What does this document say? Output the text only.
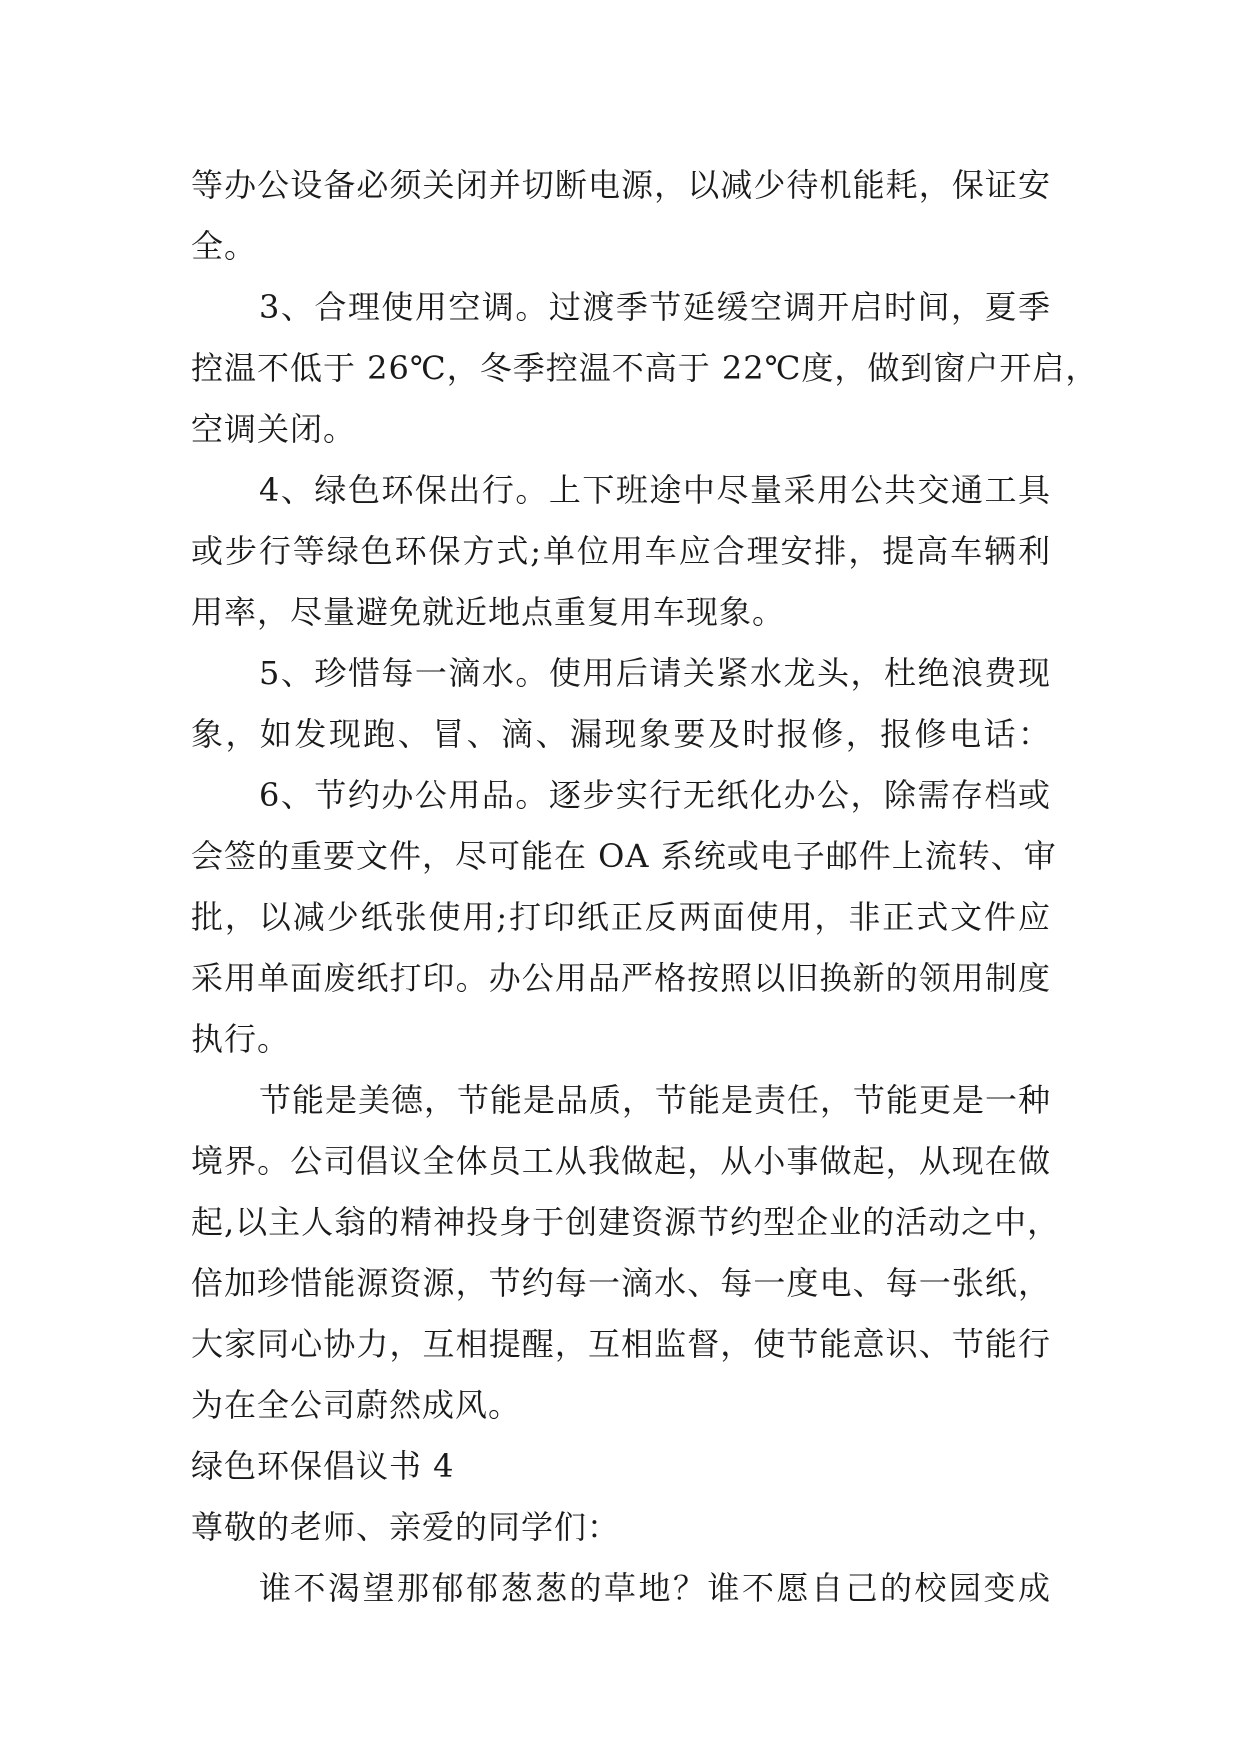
等办公设备必须关闭并切断电源，以减少待机能耗，保证安
全。
3、合理使用空调。过渡季节延缓空调开启时间，夏季
控温不低于 26℃，冬季控温不高于 22℃度，做到窗户开启，
空调关闭。
4、绿色环保出行。上下班途中尽量采用公共交通工具
或步行等绿色环保方式;单位用车应合理安排，提高车辆利
用率，尽量避免就近地点重复用车现象。
5、珍惜每一滴水。使用后请关紧水龙头，杜绝浪费现
象，如发现跑、冒、滴、漏现象要及时报修，报修电话：
6、节约办公用品。逐步实行无纸化办公，除需存档或
会签的重要文件，尽可能在 OA 系统或电子邮件上流转、审
批，以减少纸张使用;打印纸正反两面使用，非正式文件应
采用单面废纸打印。办公用品严格按照以旧换新的领用制度
执行。
节能是美德，节能是品质，节能是责任，节能更是一种
境界。公司倡议全体员工从我做起，从小事做起，从现在做
起,以主人翁的精神投身于创建资源节约型企业的活动之中，
倍加珍惜能源资源，节约每一滴水、每一度电、每一张纸，
大家同心协力，互相提醒，互相监督，使节能意识、节能行
为在全公司蔚然成风。
绿色环保倡议书 4
尊敬的老师、亲爱的同学们：
谁不渴望那郁郁葱葱的草地？谁不愿自己的校园变成
